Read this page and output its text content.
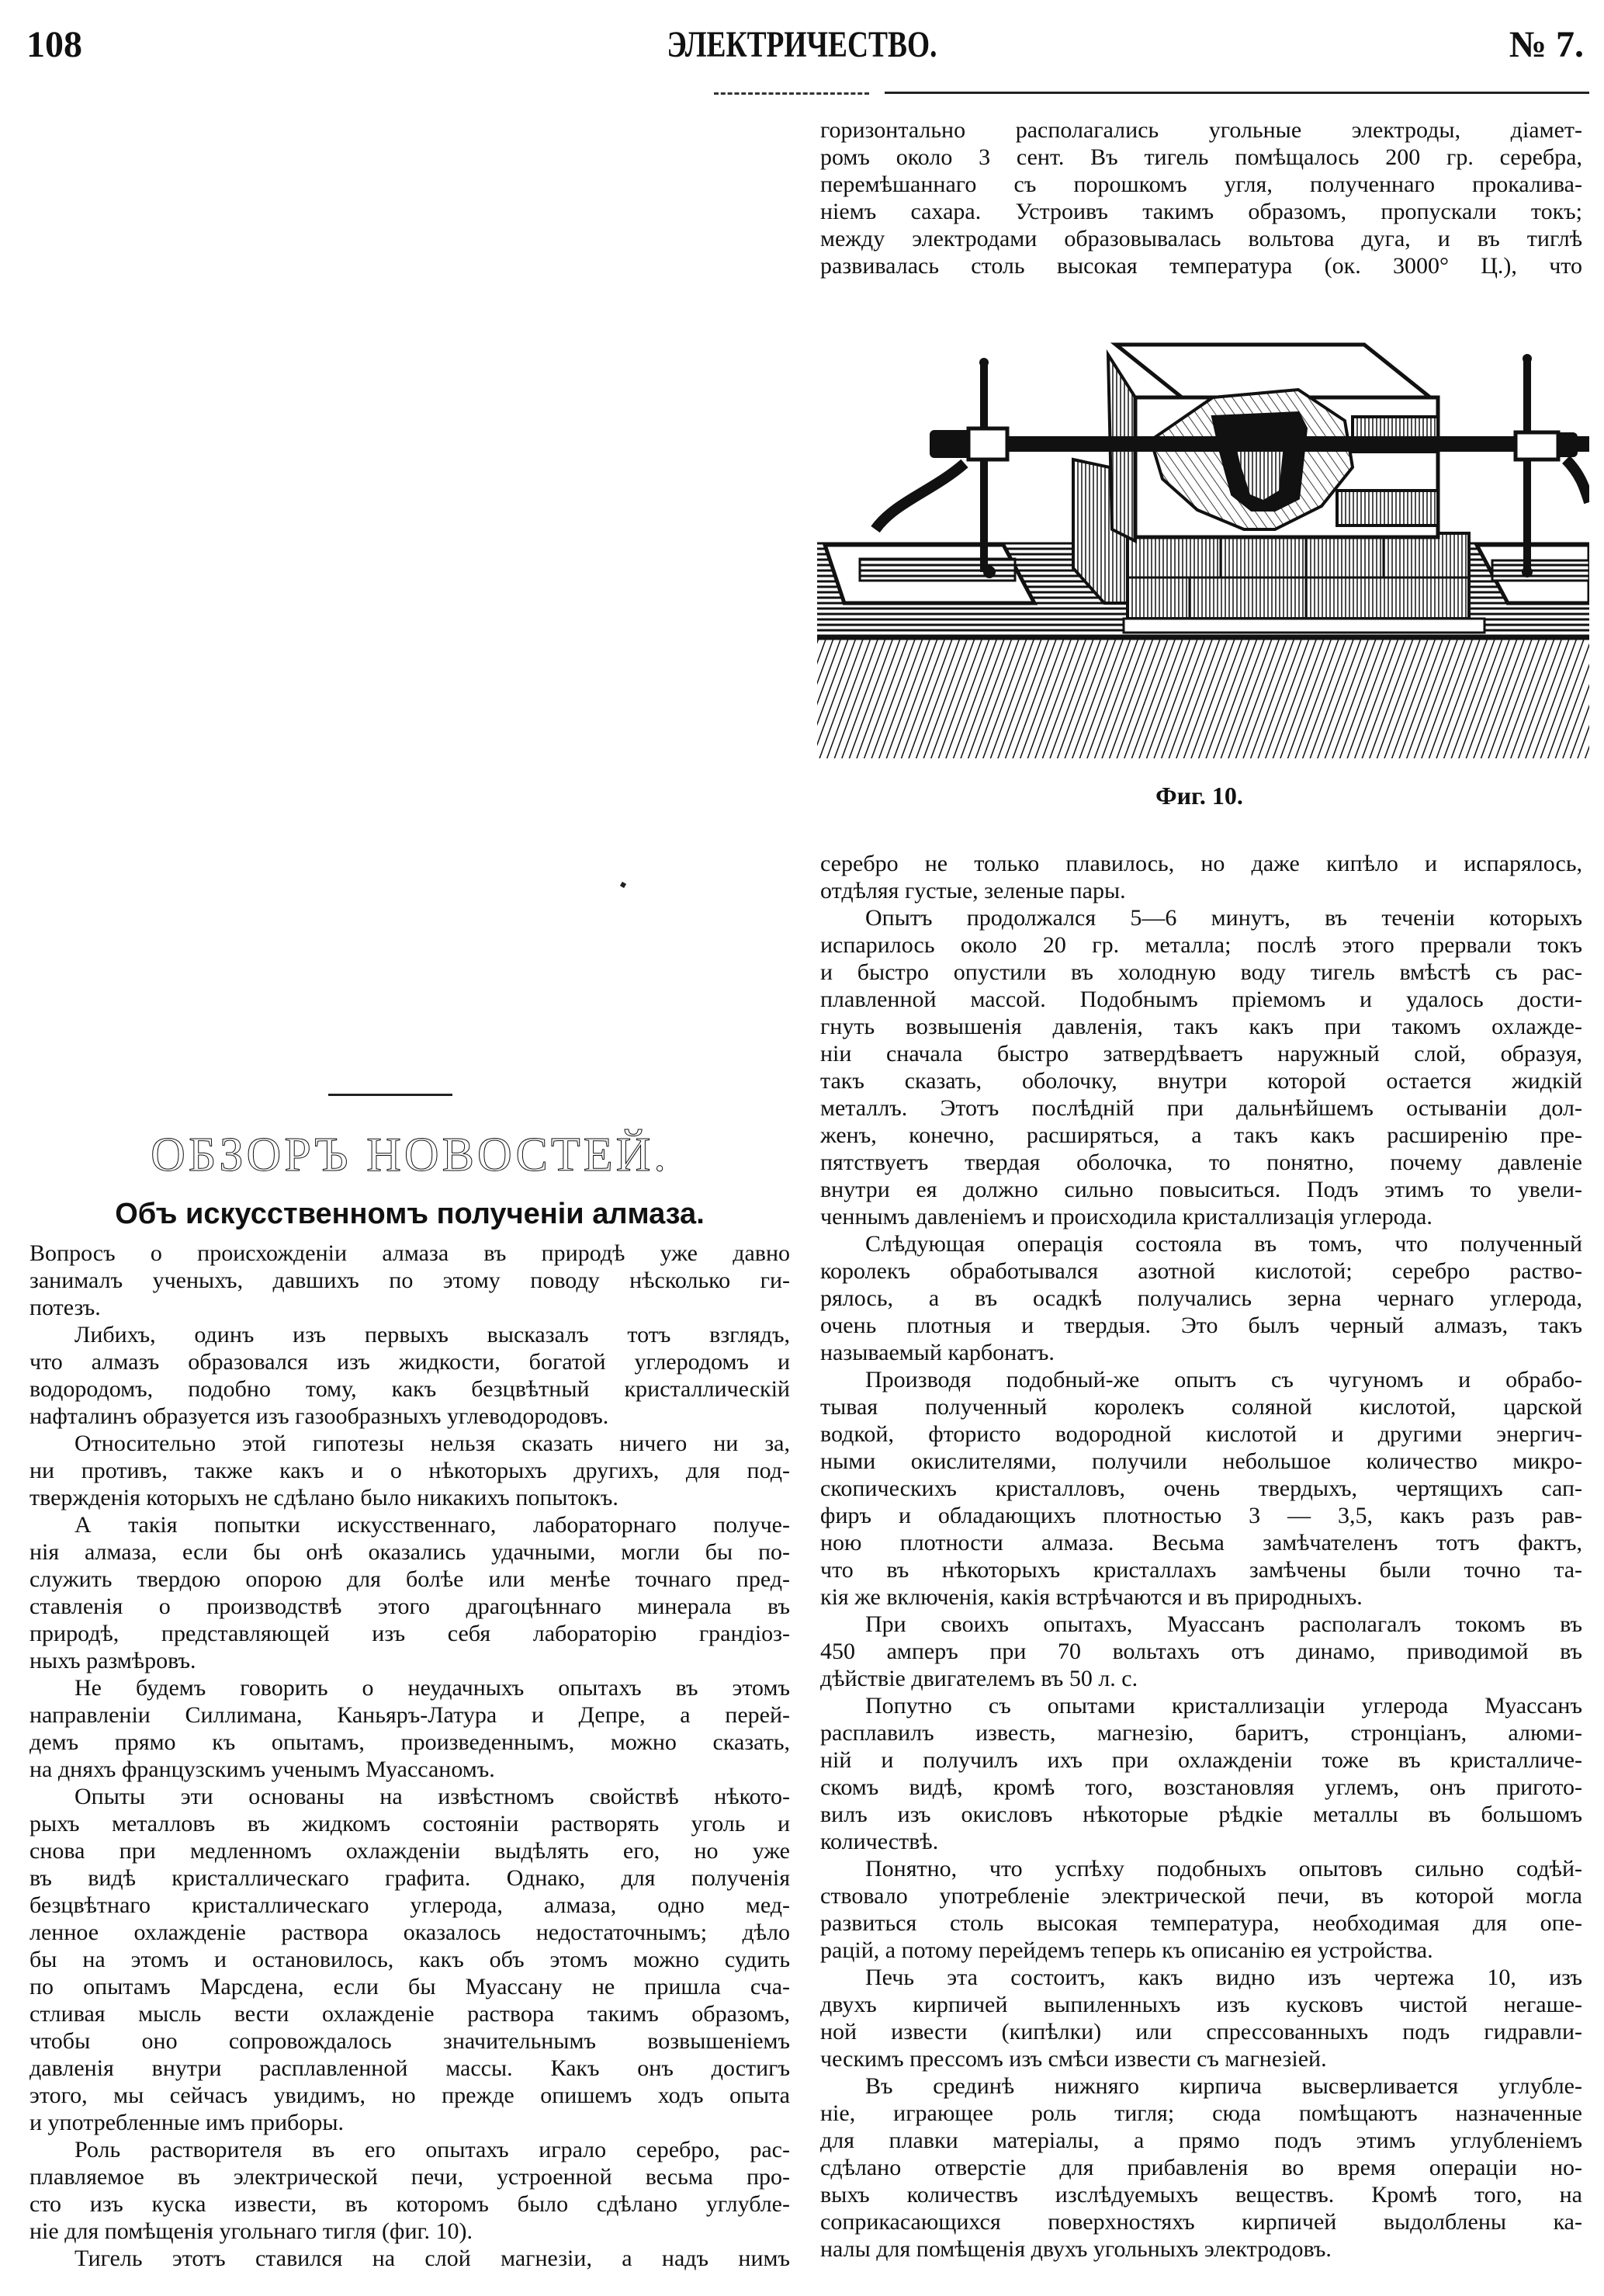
108	ЭЛЕКТРИЧЕСТВО.	№ 7.
горизонтально располагались угольные электроды, діамет-
ромъ около 3 сент. Въ тигель помѣщалось 200 гр. серебра,
перемѣшаннаго съ порошкомъ угля, полученнаго прокалива-
ніемъ сахара. Устроивъ такимъ образомъ, пропускали токъ;
между электродами образовывалась вольтова дуга, и въ тиглѣ
развивалась столь высокая температура (ок. 3000° Ц.), что
Фиг. 10.
серебро не только плавилось, но даже кипѣло и испарялось,
отдѣляя густые, зеленые пары.
Опытъ продолжался 5—6 минутъ, въ теченіи которыхъ
испарилось около 20 гр. металла; послѣ этого прервали токъ
и быстро опустили въ холодную воду тигель вмѣстѣ съ рас-
плавленной массой. Подобнымъ пріемомъ и удалось дости-
гнуть возвышенія давленія, такъ какъ при такомъ охлажде-
ніи сначала быстро затвердѣваетъ наружный слой, образуя,
такъ сказать, оболочку, внутри которой остается жидкій
металлъ. Этотъ послѣдній при дальнѣйшемъ остываніи дол-
женъ, конечно, расширяться, а такъ какъ расширенію пре-
пятствуетъ твердая оболочка, то понятно, почему давленіе
внутри ея должно сильно повыситься. Подъ этимъ то увели-
ченнымъ давленіемъ и происходила кристаллизація углерода.
Слѣдующая операція состояла въ томъ, что полученный
королекъ обработывался азотной кислотой; серебро раство-
рялось, а въ осадкѣ получались зерна чернаго углерода,
очень плотныя и твердыя. Это былъ черный алмазъ, такъ
называемый карбонатъ.
Производя подобный-же опытъ съ чугуномъ и обрабо-
тывая полученный королекъ соляной кислотой, царской
водкой, фтористо водородной кислотой и другими энергич-
ными окислителями, получили небольшое количество микро-
скопическихъ кристалловъ, очень твердыхъ, чертящихъ сап-
фиръ и обладающихъ плотностью 3 — 3,5, какъ разъ рав-
ною плотности алмаза. Весьма замѣчателенъ тотъ фактъ,
что въ нѣкоторыхъ кристаллахъ замѣчены были точно та-
кія же включенія, какія встрѣчаются и въ природныхъ.
При своихъ опытахъ, Муассанъ располагалъ токомъ въ
450 амперъ при 70 вольтахъ отъ динамо, приводимой въ
дѣйствіе двигателемъ въ 50 л. с.
Попутно съ опытами кристаллизаціи углерода Муассанъ
расплавилъ известь, магнезію, баритъ, стронціанъ, алюми-
ній и получилъ ихъ при охлажденіи тоже въ кристалличе-
скомъ видѣ, кромѣ того, возстановляя углемъ, онъ пригото-
вилъ изъ окисловъ нѣкоторые рѣдкіе металлы въ большомъ
количествѣ.
Понятно, что успѣху подобныхъ опытовъ сильно содѣй-
ствовало употребленіе электрической печи, въ которой могла
развиться столь высокая температура, необходимая для опе-
рацій, а потому перейдемъ теперь къ описанію ея устройства.
Печь эта состоитъ, какъ видно изъ чертежа 10, изъ
двухъ кирпичей выпиленныхъ изъ кусковъ чистой негаше-
ной извести (кипѣлки) или спрессованныхъ подъ гидравли-
ческимъ прессомъ изъ смѣси извести съ магнезіей.
Въ срединѣ нижняго кирпича высверливается углубле-
ніе, играющее роль тигля; сюда помѣщаютъ назначенные
для плавки матеріалы, а прямо подъ этимъ углубленіемъ
сдѣлано отверстіе для прибавленія во время операціи но-
выхъ количествъ изслѣдуемыхъ веществъ. Кромѣ того, на
соприкасающихся поверхностяхъ кирпичей выдолблены ка-
налы для помѣщенія двухъ угольныхъ электродовъ.
ОБЗОРЪ НОВОСТЕЙ.
Объ искусственномъ полученіи алмаза.
Вопросъ о происхожденіи алмаза въ природѣ уже давно
занималъ ученыхъ, давшихъ по этому поводу нѣсколько ги-
потезъ.
Либихъ, одинъ изъ первыхъ высказалъ тотъ взглядъ,
что алмазъ образовался изъ жидкости, богатой углеродомъ и
водородомъ, подобно тому, какъ безцвѣтный кристаллическій
нафталинъ образуется изъ газообразныхъ углеводородовъ.
Относительно этой гипотезы нельзя сказать ничего ни за,
ни противъ, также какъ и о нѣкоторыхъ другихъ, для под-
твержденія которыхъ не сдѣлано было никакихъ попытокъ.
А такія попытки искусственнаго, лабораторнаго получе-
нія алмаза, если бы онѣ оказались удачными, могли бы по-
служить твердою опорою для болѣе или менѣе точнаго пред-
ставленія о производствѣ этого драгоцѣннаго минерала въ
природѣ, представляющей изъ себя лабораторію грандіоз-
ныхъ размѣровъ.
Не будемъ говорить о неудачныхъ опытахъ въ этомъ
направленіи Силлимана, Каньяръ-Латура и Депре, а перей-
демъ прямо къ опытамъ, произведеннымъ, можно сказать,
на дняхъ французскимъ ученымъ Муассаномъ.
Опыты эти основаны на извѣстномъ свойствѣ нѣкото-
рыхъ металловъ въ жидкомъ состояніи растворять уголь и
снова при медленномъ охлажденіи выдѣлять его, но уже
въ видѣ кристаллическаго графита. Однако, для полученія
безцвѣтнаго кристаллическаго углерода, алмаза, одно мед-
ленное охлажденіе раствора оказалось недостаточнымъ; дѣло
бы на этомъ и остановилось, какъ объ этомъ можно судить
по опытамъ Марсдена, если бы Муассану не пришла сча-
стливая мысль вести охлажденіе раствора такимъ образомъ,
чтобы оно сопровождалось значительнымъ возвышеніемъ
давленія внутри расплавленной массы. Какъ онъ достигъ
этого, мы сейчасъ увидимъ, но прежде опишемъ ходъ опыта
и употребленные имъ приборы.
Роль растворителя въ его опытахъ играло серебро, рас-
плавляемое въ электрической печи, устроенной весьма про-
сто изъ куска извести, въ которомъ было сдѣлано углубле-
ніе для помѣщенія угольнаго тигля (фиг. 10).
Тигель этотъ ставился на слой магнезіи, а надъ нимъ
